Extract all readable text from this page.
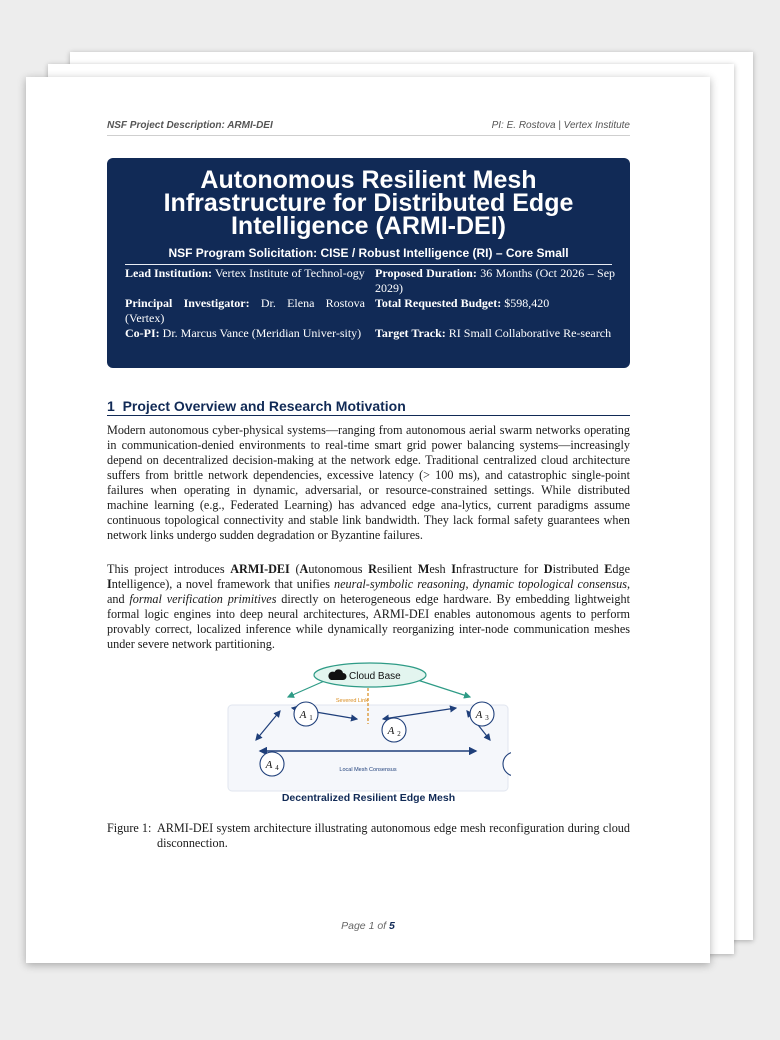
NSF Project Description: ARMI-DEI	PI: E. Rostova | Vertex Institute
Autonomous Resilient Mesh
Infrastructure for Distributed Edge
Intelligence (ARMI-DEI)
NSF Program Solicitation: CISE / Robust Intelligence (RI) – Core Small
Lead Institution: Vertex Institute of Technol-ogy
Principal Investigator: Dr. Elena Rostova (Vertex)
Co-PI: Dr. Marcus Vance (Meridian Univer-sity)
Proposed Duration: 36 Months (Oct 2026 – Sep 2029)
Total Requested Budget: $598,420
Target Track: RI Small Collaborative Re-search
1 Project Overview and Research Motivation
Modern autonomous cyber-physical systems—ranging from autonomous aerial swarm networks operating in communication-denied environments to real-time smart grid power balancing systems—increasingly depend on decentralized decision-making at the network edge. Traditional centralized cloud architecture suffers from brittle network dependencies, excessive latency (> 100 ms), and catastrophic single-point failures when operating in dynamic, adversarial, or resource-constrained settings. While distributed machine learning (e.g., Federated Learning) has advanced edge ana-lytics, current paradigms assume continuous topological connectivity and stable link bandwidth. They lack formal safety guarantees when network links undergo sudden degradation or Byzantine failures.
This project introduces ARMI-DEI (Autonomous Resilient Mesh Infrastructure for Distributed Edge Intelligence), a novel framework that unifies neural-symbolic reasoning, dynamic topological consensus, and formal verification primitives directly on heterogeneous edge hardware. By embedding lightweight formal logic engines into deep neural architectures, ARMI-DEI enables autonomous agents to perform provably correct, localized inference while dynamically reorganizing inter-node communication meshes under severe network partitioning.
Cloud Base
Severed Link
A 1
A 2
A 3
A 4	Local Mesh Consensus
Decentralized Resilient Edge Mesh
Figure 1: ARMI-DEI system architecture illustrating autonomous edge mesh reconfiguration during cloud disconnection.
Page 1 of 5
